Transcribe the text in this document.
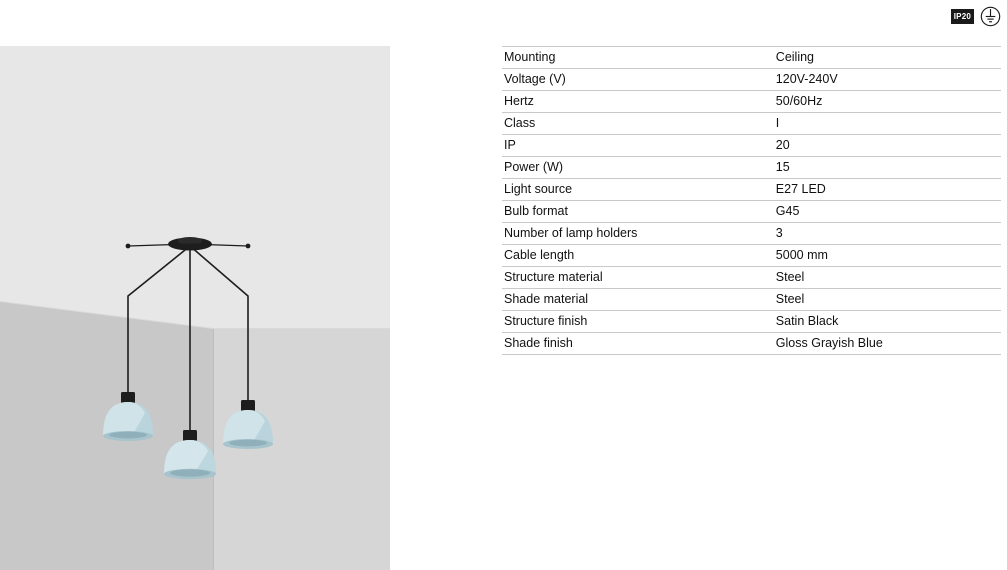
IP20
Mounting	Ceiling
Voltage (V)	120V-240V
Hertz	50/60Hz
Class	I
IP	20
Power (W)	15
Light source	E27 LED
Bulb format	G45
Number of lamp holders	3
Cable length	5000 mm
Structure material	Steel
Shade material	Steel
Structure finish	Satin Black
Shade finish	Gloss Grayish Blue
